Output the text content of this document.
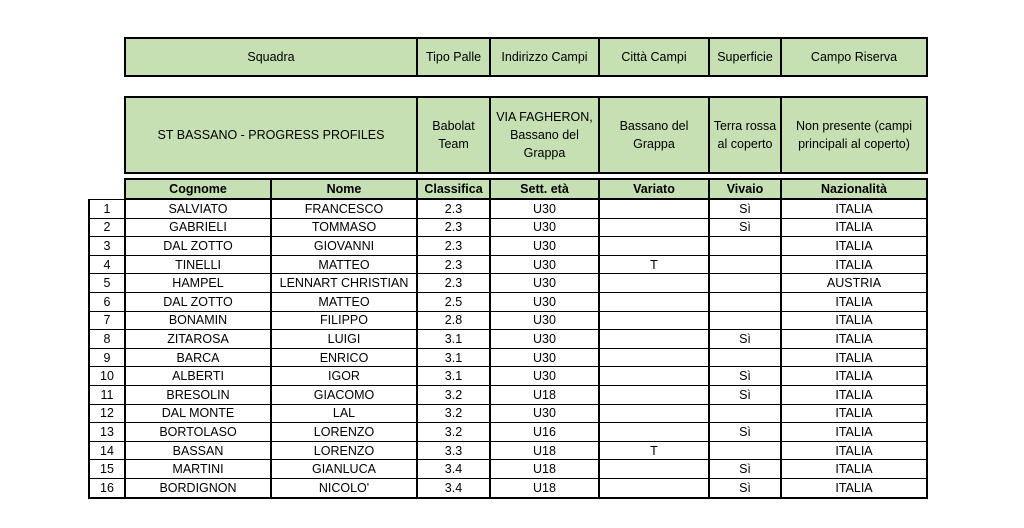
Squadra	Tipo Palle	Indirizzo Campi	Città Campi	Superficie	Campo Riserva
ST BASSANO - PROGRESS PROFILES	Babolat Team	VIA FAGHERON, Bassano del Grappa	Bassano del Grappa	Terra rossa al coperto	Non presente (campi principali al coperto)
	Cognome	Nome	Classifica	Sett. età	Variato	Vivaio	Nazionalità
1	SALVIATO	FRANCESCO	2.3	U30		Sì	ITALIA
2	GABRIELI	TOMMASO	2.3	U30		Sì	ITALIA
3	DAL ZOTTO	GIOVANNI	2.3	U30			ITALIA
4	TINELLI	MATTEO	2.3	U30	T		ITALIA
5	HAMPEL	LENNART CHRISTIAN	2.3	U30			AUSTRIA
6	DAL ZOTTO	MATTEO	2.5	U30			ITALIA
7	BONAMIN	FILIPPO	2.8	U30			ITALIA
8	ZITAROSA	LUIGI	3.1	U30		Sì	ITALIA
9	BARCA	ENRICO	3.1	U30			ITALIA
10	ALBERTI	IGOR	3.1	U30		Sì	ITALIA
11	BRESOLIN	GIACOMO	3.2	U18		Sì	ITALIA
12	DAL MONTE	LAL	3.2	U30			ITALIA
13	BORTOLASO	LORENZO	3.2	U16		Sì	ITALIA
14	BASSAN	LORENZO	3.3	U18	T		ITALIA
15	MARTINI	GIANLUCA	3.4	U18		Sì	ITALIA
16	BORDIGNON	NICOLO'	3.4	U18		Sì	ITALIA
